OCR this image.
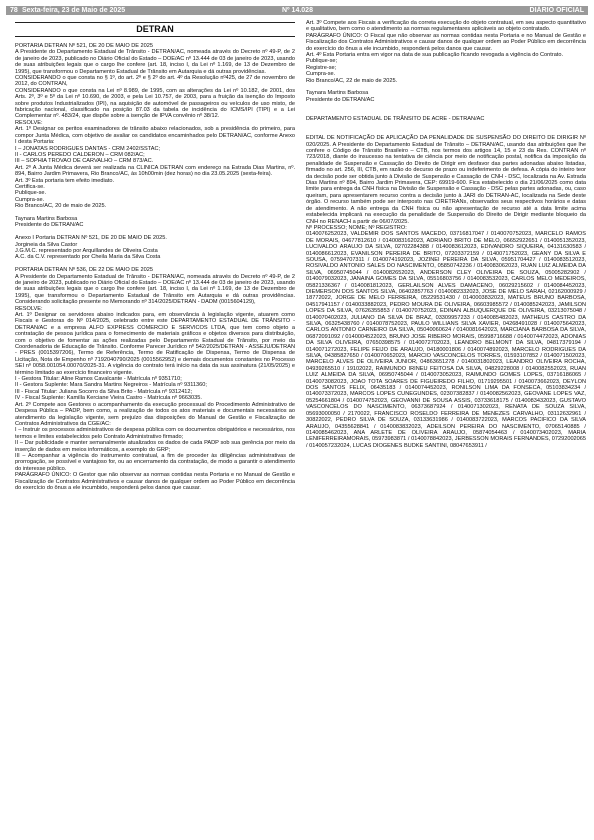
78 Sexta-feira, 23 de Maio de 2025	Nº 14.028	DIÁRIO OFICIAL
DETRAN

PORTARIA DETRAN Nº 521, DE 20 DE MAIO DE 2025

A Presidente do Departamento Estadual de Trânsito - DETRAN/AC, nomeada através do Decreto nº 49-P, de 2 de janeiro de 2023, publicado no Diário Oficial do Estado – DOE/AC nº 13.444 de 03 de janeiro de 2023, usando de suas atribuições legais que o cargo lhe confere (art. 18, inciso I, da Lei nº 1.169, de 13 de Dezembro de 1995), que transformou o Departamento Estadual de Trânsito em Autarquia e dá outras providências.

CONSIDERANDO o que consta no § 1º, do art. 2º e § 2º do art. 4º da Resolução nº425, de 27 de novembro de 2012, do CONTRAN,

CONSIDERANDO o que consta na Lei nº 8.989, de 1995, com as alterações da Lei nº 10.182, de 2001, dos Arts. 2º, 3º e 5º da Lei nº 10.690, de 2003, e pela Lei 10.757, de 2003, para a fruição da isenção do Imposto sobre produtos Industrializados (IPI), na aquisição de automóvel de passageiros ou veículos de uso misto, de fabricação nacional, classificado na posição 87.03 da tabela de incidência do ICMS/IPI (TIPI) e a Lei Complementar nº. 483/24, que dispõe sobre a isenção de IPVA convênio nº 38/12.

RESOLVE:

Art. 1º Designar os peritos examinadores de trânsito abaixo relacionados, sob a presidência do primeiro, para compor Junta Médica, com objetivo de avaliar os candidatos encaminhados pelo DETRAN/AC, conforme Anexo I desta Portaria:

I – JONATAS RODRIGUES DANTAS - CRM 2402/SSTAC;

II - CARLOS PEREDO CALDERON – CRM 082/AC;

III – SOPHIA TROVAO DE CARVALHO – CRM 873/AC.

Art. 2º A Junta Médica deverá ser realizada na CLINICA DETRAN com endereço na Estrada Dias Martins, nº. 894, Bairro Jardim Primavera, Rio Branco/AC, às 10h00min (dez horas) no dia 23.05.2025 (sexta-feira).

Art. 3º Esta portaria tem efeito imediato.

Certifica-se.

Publique-se.

Cumpra-se.

Rio Branco/AC, 20 de maio de 2025.

Taynara Martins Barbosa

Presidente do DETRAN/AC

Anexo I Portaria DETRAN Nº 521, DE 20 DE MAIO DE 2025.

Jorgineia da Silva Castor

J.G.M.C. representado por Arquillandes de Oliveira Costa

A.C. da C.V. representado por Cheila Maria da Silva Costa

PORTARIA DETRAN Nº 536, DE 22 DE MAIO DE 2025

A Presidente do Departamento Estadual de Trânsito - DETRAN/AC, nomeada através do Decreto nº 49-P, de 2 de janeiro de 2023, publicado no Diário Oficial do Estado – DOE/AC nº 13.444 de 03 de janeiro de 2023, usando de suas atribuições legais que o cargo lhe confere (art. 18, inciso I, da Lei nº 1.169, de 13 de Dezembro de 1995), que transformou o Departamento Estadual de Trânsito em Autarquia e dá outras providências. Considerando solicitação presente no Memorando nº 314/2025/DETRAN - DADM (0015604129),

RESOLVE:

Art. 1º Designar os servidores abaixo indicados para, em observância à legislação vigente, atuarem como Fiscais e Gestoras do Nº 014/2025, celebrado entre este DEPARTAMENTO ESTADUAL DE TRÂNSITO - DETRAN/AC e a empresa ALFO EXPRESS COMERCIO E SERVICOS LTDA, que tem como objeto a contratação de pessoa jurídica para o fornecimento de materiais gráficos e objetos diversos para distribuição, com o objetivo de fomentar as ações realizadas pelo Departamento Estadual de Trânsito, por meio da Coordenadoria de Educação de Trânsito. Conforme Parecer Jurídico nº 542/2025/DETRAN - ASSEJU/DETRAN - PRES (0015397206), Termo de Referência, Termo de Ratificação de Dispensa, Termo de Dispensa de Licitação, Nota de Empenho nº 7192040790/2025 (0015562952) e demais documentos constantes no Processo SEI nº 0058.001054.00070/2025-31. A vigência do contrato terá início na data da sua assinatura (21/05/2025) e término limitado ao exercício financeiro vigente.

I - Gestora Titular: Aline Ramos Cavalcante - Matrícula nº 9351710;

II - Gestora Suplente: Mara Sandra Martins Negreiros - Matrícula nº 9311360;

III - Fiscal Titular: Juliana Socorro da Silva Brito - Matrícula nº 9312412;

IV - Fiscal Suplente: Kamilla Kerciane Vieira Castro - Matrícula nº 9663035.

Art. 2º Compete aos Gestores o acompanhamento da execução processual do Procedimento Administrativo de Despesa Pública – PADP, bem como, a realização de todos os atos materiais e documentais necessários ao atendimento da legislação vigente, sem prejuízo das disposições do Manual de Gestão e Fiscalização de Contratos Administrativos da CGE/AC:

I – Instruir os processos administrativos de despesa pública com os documentos obrigatórios e necessários, nos termos e limites estabelecidos pelo Contrato Administrativo firmado;

II – Dar publicidade e manter semanalmente atualizados os dados de cada PADP sob sua gerência por meio da inserção de dados em meios informáticos, a exemplo do GRP;

III – Acompanhar a vigência do instrumento contratual, a fim de proceder às diligências administrativas de prorrogação, se possível e vantajoso for, ou ao encerramento da contratação, de modo a garantir o atendimento do interesse público.

PARÁGRAFO ÚNICO: O Gestor que não observar as normas contidas nesta Portaria e no Manual de Gestão e Fiscalização de Contratos Administrativos e causar danos de qualquer ordem ao Poder Público em decorrência do exercício do ônus a ele incumbido, responderá pelos danos que causar.

Art. 3º Compete aos Fiscais a verificação da correta execução do objeto contratual, em seu aspecto quantitativo e qualitativo, bem como o atendimento as normas regulamentares aplicáveis ao objeto contratado.

PARÁGRAFO ÚNICO: O Fiscal que não observar as normas contidas nesta Portaria e no Manual de Gestão e Fiscalização dos Contratos Administrativos e causar danos de qualquer ordem ao Poder Público em decorrência do exercício do ônus a ele incumbido, responderá pelos danos que causar.

Art. 4º Esta Portaria entra em vigor na data de sua publicação ficando revogada a vigência do Contrato.

Publique-se;

Registre-se;

Cumpra-se.

Rio Branco/AC, 22 de maio de 2025.

Taynara Martins Barbosa

Presidente do DETRAN/AC

DEPARTAMENTO ESTADUAL DE TRÂNSITO DE ACRE - DETRAN/AC

EDITAL DE NOTIFICAÇÃO DE APLICAÇÃO DA PENALIDADE DE SUSPENSÃO DO DIREITO DE DIRIGIR Nº 020/2025. A Presidente do Departamento Estadual de Trânsito – DETRAN/AC, usando das atribuições que lhe confere o Código de Trânsito Brasileiro – CTB, nos termos dos artigos 14, 15 e 23 da Res. CONTRAN nº 723/2018, diante do insucesso na tentativa de ciência por meio de notificação postal, notifica da imposição da penalidade de Suspensão e Cassação do Direito de Dirigir em desfavor das partes adonadas abaixo listadas, firmado no art. 256, III, CTB, em razão do decurso de prazo ou indeferimento de defesa. A cópia do inteiro teor da decisão pode ser obtida junto à Divisão de Suspensão e Cassação de CNH - DSC, localizada na Av. Estrada Dias Martins nº 894, Bairro Jardim Primavera, CEP: 69919-600. Fica estabelecido o dia 21/06/2025 como data limite para entrega da CNH física na Divisão de Suspensão e Cassação - DSC pelas partes adonadas, ou, caso queiram, para apresentarem recurso contra a decisão junto à JARI do DETRAN-AC, localizada na Sede deste órgão. O recurso também pode ser interposto nas CIRETRANs, observados seus respectivos horários e datas de atendimento. A não entrega da CNH física ou não apresentação de recurso até a data limite acima estabelecida implicará na execução da penalidade de Suspensão do Direito de Dirigir mediante bloqueio da CNH no RENACH a partir de 06/07/2025.

Nº PROCESSO; NOME; Nº REGISTRO:

0140076252023, VALDEMIR DOS SANTOS MACEDO, 03716817047 / 0140070752023, MARCELO RAMOS DE MORAIS, 04677812610 / 0140083162023, ADRIANO BRITO DE MELO, 06652922651 / 0140051352023, LUCIVALDO ARAUJO DA SILVA, 02702284388 / 0140083612023, EDIVANDRO SIQUEIRA, 04131630583 / 0140086612023, EVANILSON PEREIRA DE BRITO, 07203372159 / 0140071752023, GEANY DA SILVA E SOUSA, 07594707311 / 0140074192023, JOZINEI PEREIRA DA SILVA, 05951704427 / 0140083512023, ROSIVALDO ANTONIO SALES DO NASCIMENTO, 05850742236 / 0140083062023, RUAN LUIZ ALMEIDA DA SILVA, 06950745044 / 0140082652023, ANDERSON CLEY OLIVEIRA DE SOUZA, 05005282902 / 0140079032023, JANAINA GOMES DA SILVA, 05516803756 / 0140083532023, CARLOS MELO MEDEIROS, 05821336367 / 0140081812023, GERLAILSON ALVES DAMACENO, 06029215602 / 0140084452023, DIEMERSON DOS SANTOS SILVA, 06402857763 / 0140082332023, JOSE DE MELO SARAH, 02162000929 / 18772022, JORGE DE MELO FERREIRA, 05229531430 / 0140003832023, MATEUS BRUNO BARBOSA, 04517941157 / 0140033882023, PEDRO MOURA DE OLIVEIRA, 06603985572 / 0140085242023, JAMILSON LOPES DA SILVA, 07626355853 / 0140070752023, EDINAN ALBUQUERQUE DE OLIVEIRA, 03213075048 / 0140070402023, JULIANO DA SILVA DE BRAZ, 03309957233 / 0140085482023, MATHEUS CASTRO DA SILVA, 06325438760 / 0140078752023, PAULO WILLIANS SILVA XAVIER, 04268491028 / 0140075642023, CARLOS ANTONIO CARNEIRO DA SILVA, 05040060624 / 0140081642023, MARCIANA BARBOSA DA SILVA, 06872091092 / 0140004522023, BRUNO JOSE RIBEIRO MORAIS, 05998716688 / 0140074472023, ADONIAS DA SILVA OLIVEIRA, 07650398575 / 0140072702023, LEANDRO BELMONT DA SILVA, 04817379194 / 0140071272023, FELIPE FEIJO DE ARAUJO, 04180001806 / 0140074892023, MARCELO RODRIGUES DA SILVA, 04385827650 / 0140070652023, MARCIO VASCONCELOS TORRES, 01593107852 / 0140071502023, MARCELO ALVES DE OLIVEIRA JUNIOR, 04863651278 / 0140031802023, LEANDRO OLIVEIRA ROCHA, 04939265510 / 19102022, RAIMUNDO IRINEU FEITOSA DA SILVA, 04829228008 / 0140082552023, RUAN LUIZ ALMEIDA DA SILVA, 06950745044 / 0140073052023, RAIMUNDO GOMES LOPES, 03716186065 / 0140073082023, JOAO TOTA SOARES DE FIGUEIREDO FILHO, 01719295501 / 0140073662023, DEYLON DOS SANTOS FELIX, 06435183 / 0140074452023, RONILSON LIMA DA FONSECA, 05103834234 / 0140073372023, MARCOS LOPES CUNEGUNDES, 02307382837 / 0140082562023, GEOVANE LOPES VAZ, 05254661804 / 0140074752023, GEOVANNI DE SOUSA ASSIS, 03733618175 / 0140083432023, GUSTAVO VASCONCELOS DO NASCIMENTO, 06373687924 / 0140071302023, RENATA DE SOUZA SILVA, 05693000050 / 2170022, FRANCISCO ROSELDO FERREIRA DE MENEZES CARVALHO, 03112632961 / 30822022, PEDRO SILVA DE SOUZA, 03133631986 / 0140083722023, MARCOS PACIFICO DA SILVA ARAUJO, 04355628841 / 0140083832023, ADEILSON PEREIRA DO NASCIMENTO, 07065140885 / 0140085462023, ANA ARLETE DE OLIVEIRA ARAUJO, 05874054463 / 0140073402023, MARIA LENIFERREIRAMORAIS, 05973983871 / 0140078842023, JERBESSON MORAIS FERNANDES, 07292002065 / 0140057232024, LUCAS DIOGENES BUDKE SANTINI, 08047653911 /
